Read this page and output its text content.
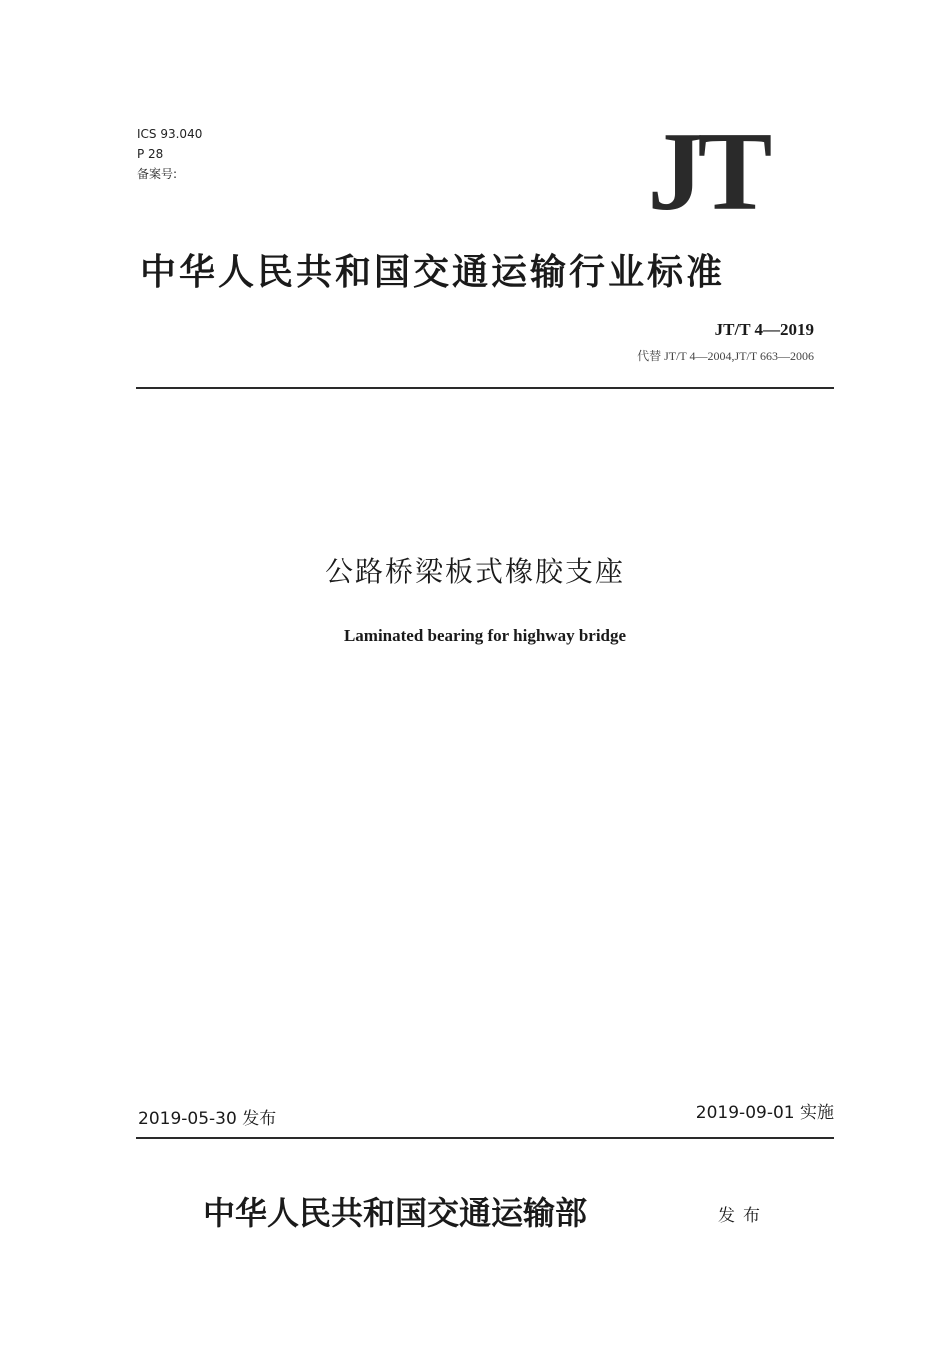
ICS 93.040
P 28
备案号:	JT
中华人民共和国交通运输行业标准
JT/T 4—2019
代替 JT/T 4—2004,JT/T 663—2006
公路桥梁板式橡胶支座
Laminated bearing for highway bridge
2019-05-30 发布	2019-09-01 实施
中华人民共和国交通运输部	发布
